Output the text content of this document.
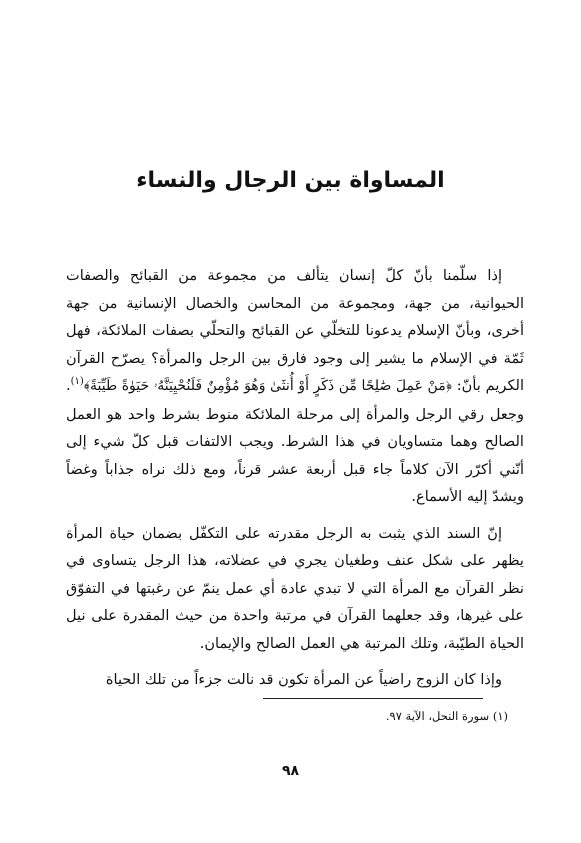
المساواة بين الرجال والنساء

إذا سلّمنا بأنّ كلّ إنسان يتألف من مجموعة من القبائح والصفات الحيوانية، من جهة، ومجموعة من المحاسن والخصال الإنسانية من جهة أخرى، وبأنّ الإسلام يدعونا للتخلّي عن القبائح والتحلّي بصفات الملائكة، فهل ثَمّة في الإسلام ما يشير إلى وجود فارق بين الرجل والمرأة؟ يصرّح القرآن الكريم بأنّ: ﴿مَنْ عَمِلَ صَٰلِحًا مِّن ذَكَرٍ أَوْ أُنثَىٰ وَهُوَ مُؤْمِنٌ فَلَنُحْيِيَنَّهُۥ حَيَوٰةً طَيِّبَةً﴾$^{(١)}$. وجعل رقي الرجل والمرأة إلى مرحلة الملائكة منوط بشرط واحد هو العمل الصالح وهما متساويان في هذا الشرط. ويجب الالتفات قبل كلّ شيء إلى أنّني أكرّر الآن كلاماً جاء قبل أربعة عشر قرناً، ومع ذلك نراه جذاباً وغضاً ويشدّ إليه الأسماع.

إنّ السند الذي يثبت به الرجل مقدرته على التكفّل بضمان حياة المرأة يظهر على شكل عنف وطغيان يجري في عضلاته، هذا الرجل يتساوى في نظر القرآن مع المرأة التي لا تبدي عادة أي عمل ينمّ عن رغبتها في التفوّق على غيرها، وقد جعلهما القرآن في مرتبة واحدة من حيث المقدرة على نيل الحياة الطيّبة، وتلك المرتبة هي العمل الصالح والإيمان.

وإذا كان الزوج راضياً عن المرأة تكون قد نالت جزءاً من تلك الحياة

(١) سورة النحل، الآية ٩٧.
٩٨
